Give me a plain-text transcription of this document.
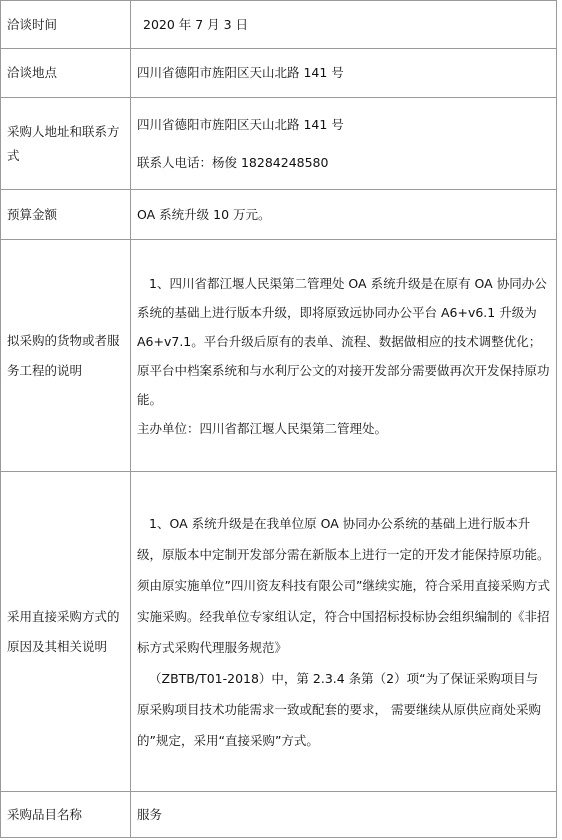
洽谈时间	2020 年 7 月 3 日
洽谈地点	四川省德阳市旌阳区天山北路 141 号
采购人地址和联系方式	四川省德阳市旌阳区天山北路 141 号

联系人电话：杨俊 18284248580

预算金额	OA 系统升级 10 万元。
拟采购的货物或者服务工程的说明	1、四川省都江堰人民渠第二管理处 OA 系统升级是在原有 OA 协同办公系统的基础上进行版本升级，即将原致远协同办公平台 A6+v6.1 升级为 A6+v7.1。平台升级后原有的表单、流程、数据做相应的技术调整优化；原平台中档案系统和与水利厅公文的对接开发部分需要做再次开发保持原功能。

主办单位：四川省都江堰人民渠第二管理处。

采用直接采购方式的原因及其相关说明	1、OA 系统升级是在我单位原 OA 协同办公系统的基础上进行版本升级，原版本中定制开发部分需在新版本上进行一定的开发才能保持原功能。须由原实施单位”四川资友科技有限公司”继续实施，符合采用直接采购方式实施采购。经我单位专家组认定，符合中国招标投标协会组织编制的《非招标方式采购代理服务规范》

（ZBTB/T01-2018）中，第 2.3.4 条第（2）项“为了保证采购项目与原采购项目技术功能需求一致或配套的要求， 需要继续从原供应商处采购的”规定，采用“直接采购”方式。

采购品目名称	服务
